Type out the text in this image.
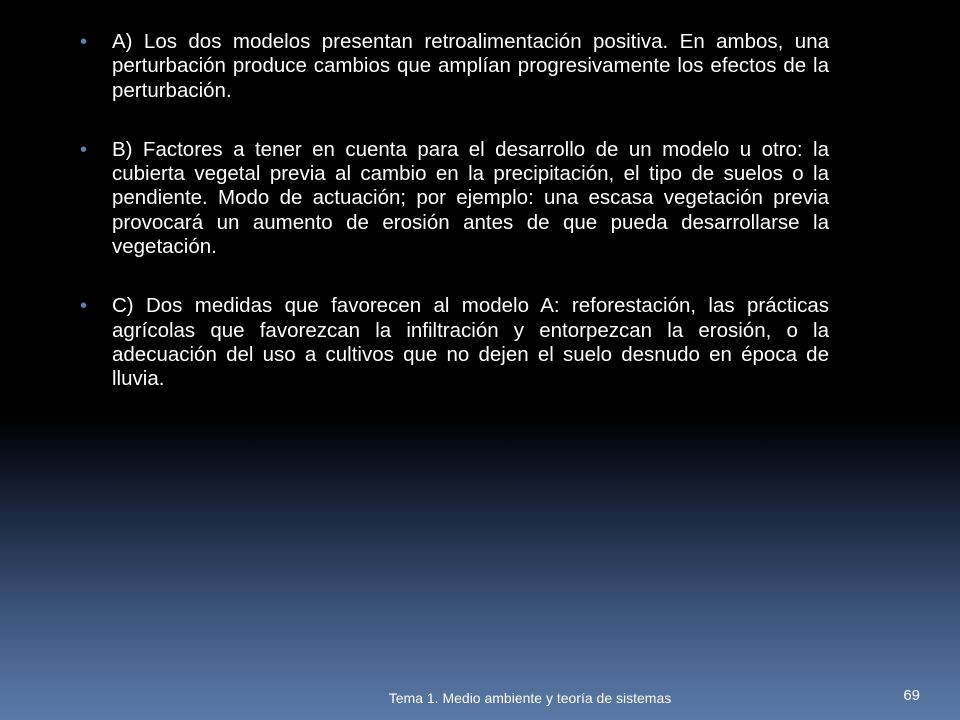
• A) Los dos modelos presentan retroalimentación positiva. En ambos, una perturbación produce cambios que amplían progresivamente los efectos de la perturbación.
• B) Factores a tener en cuenta para el desarrollo de un modelo u otro: la cubierta vegetal previa al cambio en la precipitación, el tipo de suelos o la pendiente. Modo de actuación; por ejemplo: una escasa vegetación previa provocará un aumento de erosión antes de que pueda desarrollarse la vegetación.
• C) Dos medidas que favorecen al modelo A: reforestación, las prácticas agrícolas que favorezcan la infiltración y entorpezcan la erosión, o la adecuación del uso a cultivos que no dejen el suelo desnudo en época de lluvia.
Tema 1. Medio ambiente y teoría de sistemas	69
